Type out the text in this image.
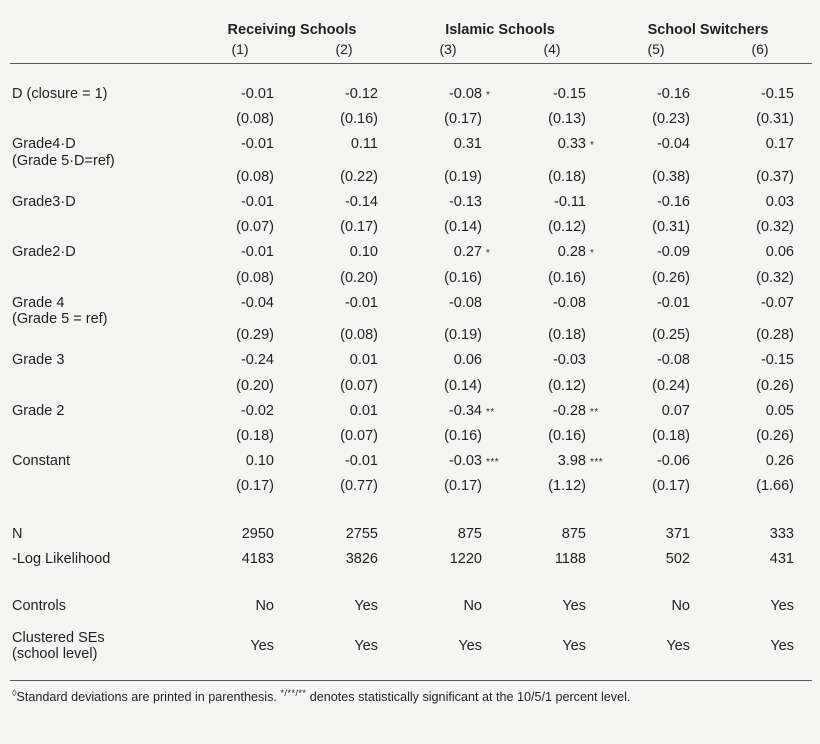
	Receiving Schools				Islamic Schools				School Switchers			
	(1)		(2)		(3)		(4)		(5)		(6)	

D (closure = 1)	-0.01		-0.12		-0.08	*	-0.15		-0.16		-0.15	
	(0.08)		(0.16)		(0.17)		(0.13)		(0.23)		(0.31)	

Grade4·D
(Grade 5·D=ref)	-0.01		0.11		0.31		0.33	*	-0.04		0.17	
	(0.08)		(0.22)		(0.19)		(0.18)		(0.38)		(0.37)	
Grade3·D	-0.01		-0.14		-0.13		-0.11		-0.16		0.03	
	(0.07)		(0.17)		(0.14)		(0.12)		(0.31)		(0.32)	
Grade2·D	-0.01		0.10		0.27	*	0.28	*	-0.09		0.06	
	(0.08)		(0.20)		(0.16)		(0.16)		(0.26)		(0.32)	

Grade 4
(Grade 5 = ref)	-0.04		-0.01		-0.08		-0.08		-0.01		-0.07	
	(0.29)		(0.08)		(0.19)		(0.18)		(0.25)		(0.28)	
Grade 3	-0.24		0.01		0.06		-0.03		-0.08		-0.15	
	(0.20)		(0.07)		(0.14)		(0.12)		(0.24)		(0.26)	
Grade 2	-0.02		0.01		-0.34	**	-0.28	**	0.07		0.05	
	(0.18)		(0.07)		(0.16)		(0.16)		(0.18)		(0.26)	
Constant	0.10		-0.01		-0.03	***	3.98	***	-0.06		0.26	
	(0.17)		(0.77)		(0.17)		(1.12)		(0.17)		(1.66)	

N	2950		2755		875		875		371		333	
-Log Likelihood	4183		3826		1220		1188		502		431	

Controls	No		Yes		No		Yes		No		Yes	

Clustered SEs
(school level)	Yes		Yes		Yes		Yes		Yes		Yes	

◊Standard deviations are printed in parenthesis. */**/** denotes statistically significant at the 10/5/1 percent level.
